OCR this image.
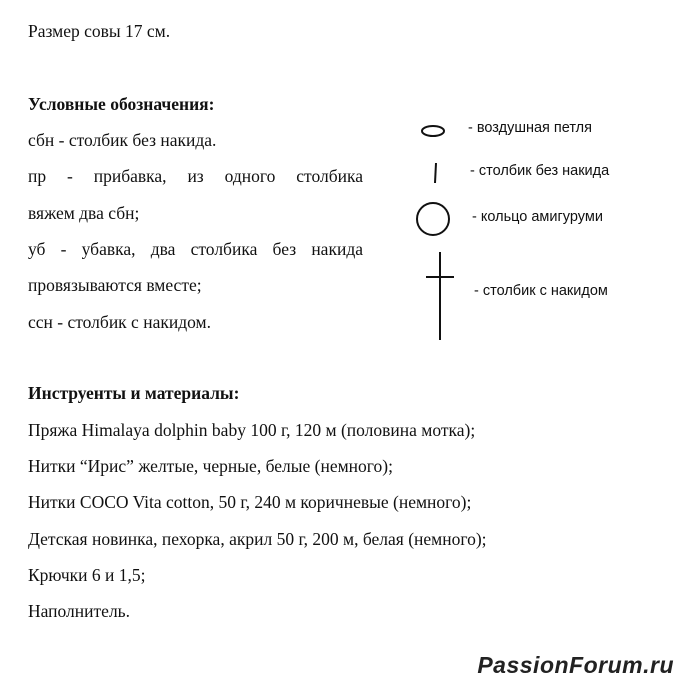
Размер совы 17 см.
Условные обозначения:
сбн - столбик без накида.
пр - прибавка, из одного столбика
вяжем два сбн;
уб - убавка, два столбика без накида
провязываются вместе;
ссн - столбик с накидом.
- воздушная петля
- столбик без накида
- кольцо амигуруми
- столбик с накидом
Инструенты и материалы:
Пряжа Himalaya dolphin baby 100 г, 120 м (половина мотка);
Нитки “Ирис” желтые, черные, белые (немного);
Нитки COCO Vita cotton, 50 г, 240 м коричневые (немного);
Детская новинка, пехорка, акрил 50 г, 200 м, белая (немного);
Крючки 6 и 1,5;
Наполнитель.
PassionForum.ru
